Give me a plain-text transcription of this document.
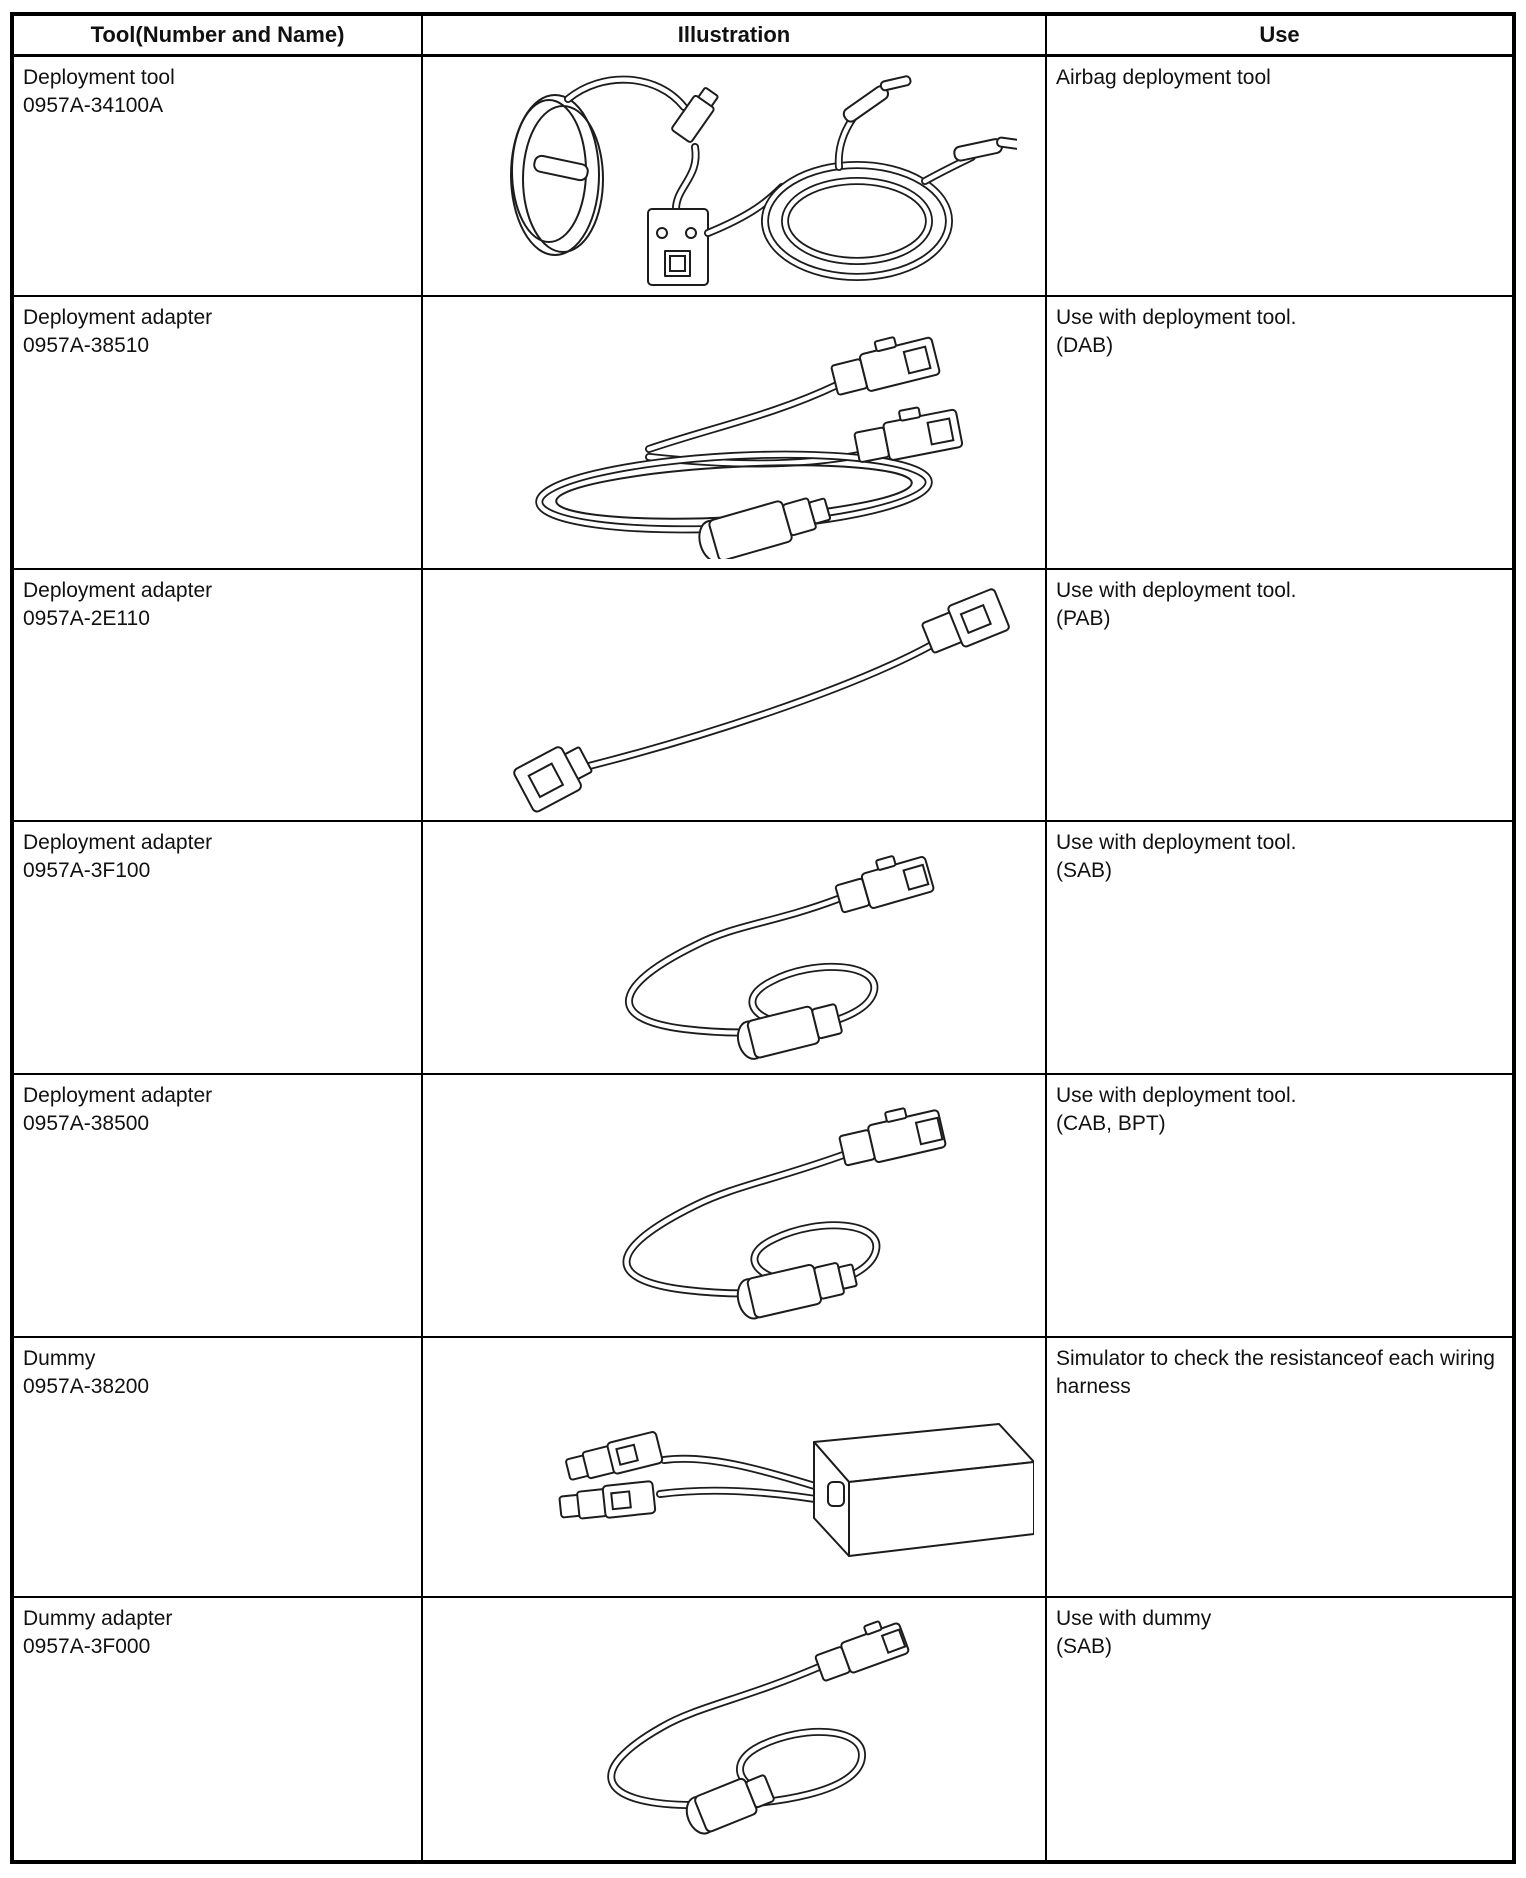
Tool(Number and Name)	Illustration	Use
Deployment tool
0957A-34100A
Airbag deployment tool
Deployment adapter
0957A-38510
Use with deployment tool.
(DAB)
Deployment adapter
0957A-2E110
Use with deployment tool.
(PAB)
Deployment adapter
0957A-3F100
Use with deployment tool.
(SAB)
Deployment adapter
0957A-38500
Use with deployment tool.
(CAB, BPT)
Dummy
0957A-38200
Simulator to check the resistanceof each wiring harness
Dummy adapter
0957A-3F000
Use with dummy
(SAB)
